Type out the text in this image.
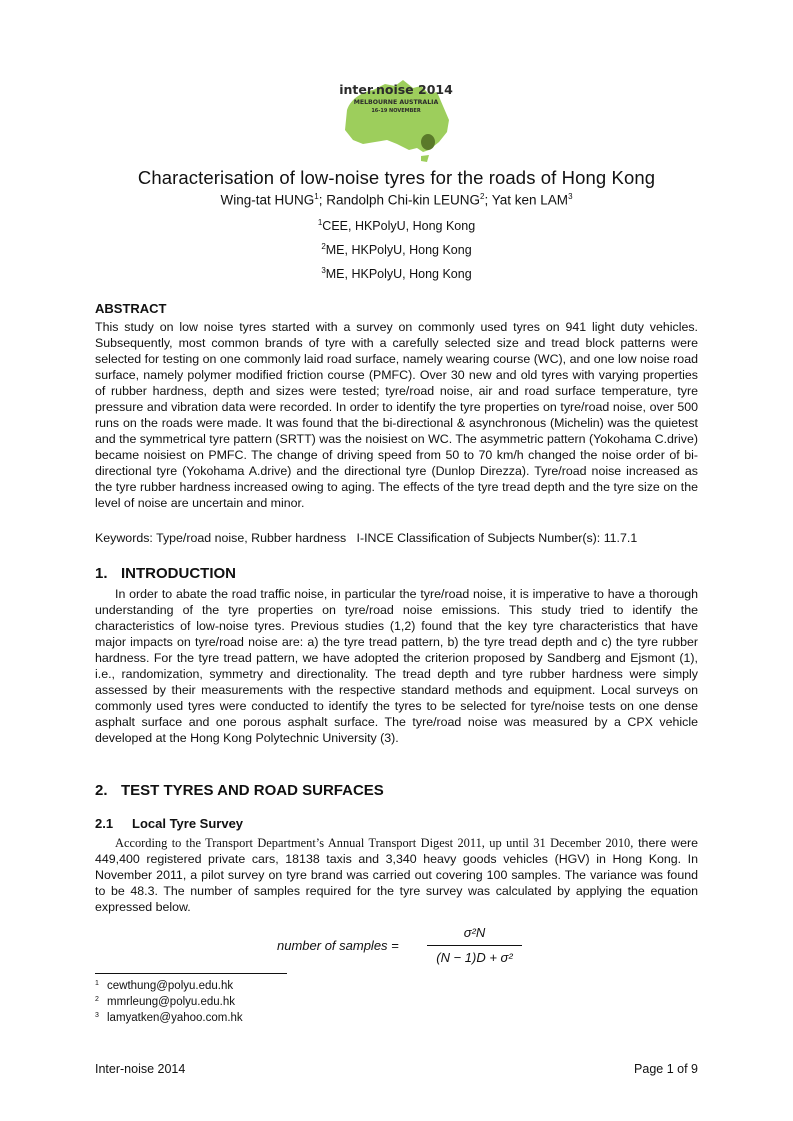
inter.noise 2014
MELBOURNE AUSTRALIA
16-19 NOVEMBER
Characterisation of low-noise tyres for the roads of Hong Kong
Wing-tat HUNG$^1$; Randolph Chi-kin LEUNG$^2$; Yat ken LAM$^3$
$^1$CEE, HKPolyU, Hong Kong
$^2$ME, HKPolyU, Hong Kong
$^3$ME, HKPolyU, Hong Kong
ABSTRACT
This study on low noise tyres started with a survey on commonly used tyres on 941 light duty vehicles. Subsequently, most common brands of tyre with a carefully selected size and tread block patterns were selected for testing on one commonly laid road surface, namely wearing course (WC), and one low noise road surface, namely polymer modified friction course (PMFC). Over 30 new and old tyres with varying properties of rubber hardness, depth and sizes were tested; tyre/road noise, air and road surface temperature, tyre pressure and vibration data were recorded. In order to identify the tyre properties on tyre/road noise, over 500 runs on the roads were made. It was found that the bi-directional & asynchronous (Michelin) was the quietest and the symmetrical tyre pattern (SRTT) was the noisiest on WC. The asymmetric pattern (Yokohama C.drive) became noisiest on PMFC. The change of driving speed from 50 to 70 km/h changed the noise order of bi-directional tyre (Yokohama A.drive) and the directional tyre (Dunlop Direzza). Tyre/road noise increased as the tyre rubber hardness increased owing to aging. The effects of the tyre tread depth and the tyre size on the level of noise are uncertain and minor.
Keywords: Type/road noise, Rubber hardness I-INCE Classification of Subjects Number(s): 11.7.1
1. INTRODUCTION
In order to abate the road traffic noise, in particular the tyre/road noise, it is imperative to have a thorough understanding of the tyre properties on tyre/road noise emissions. This study tried to identify the characteristics of low-noise tyres. Previous studies (1,2) found that the key tyre characteristics that have major impacts on tyre/road noise are: a) the tyre tread pattern, b) the tyre tread depth and c) the tyre rubber hardness. For the tyre tread pattern, we have adopted the criterion proposed by Sandberg and Ejsmont (1), i.e., randomization, symmetry and directionality. The tread depth and tyre rubber hardness were simply assessed by their measurements with the respective standard methods and equipment. Local surveys on commonly used tyres were conducted to identify the tyres to be selected for tyre/noise tests on one dense asphalt surface and one porous asphalt surface. The tyre/road noise was measured by a CPX vehicle developed at the Hong Kong Polytechnic University (3).
2. TEST TYRES AND ROAD SURFACES
2.1 Local Tyre Survey
According to the Transport Department’s Annual Transport Digest 2011, up until 31 December 2010, there were 449,400 registered private cars, 18138 taxis and 3,340 heavy goods vehicles (HGV) in Hong Kong. In November 2011, a pilot survey on tyre brand was carried out covering 100 samples. The variance was found to be 48.3. The number of samples required for the tyre survey was calculated by applying the equation expressed below.
number of samples =
σ²N
(N − 1)D + σ²
$^1$ cewthung@polyu.edu.hk
$^2$ mmrleung@polyu.edu.hk
$^3$ lamyatken@yahoo.com.hk
Inter-noise 2014	Page 1 of 9
